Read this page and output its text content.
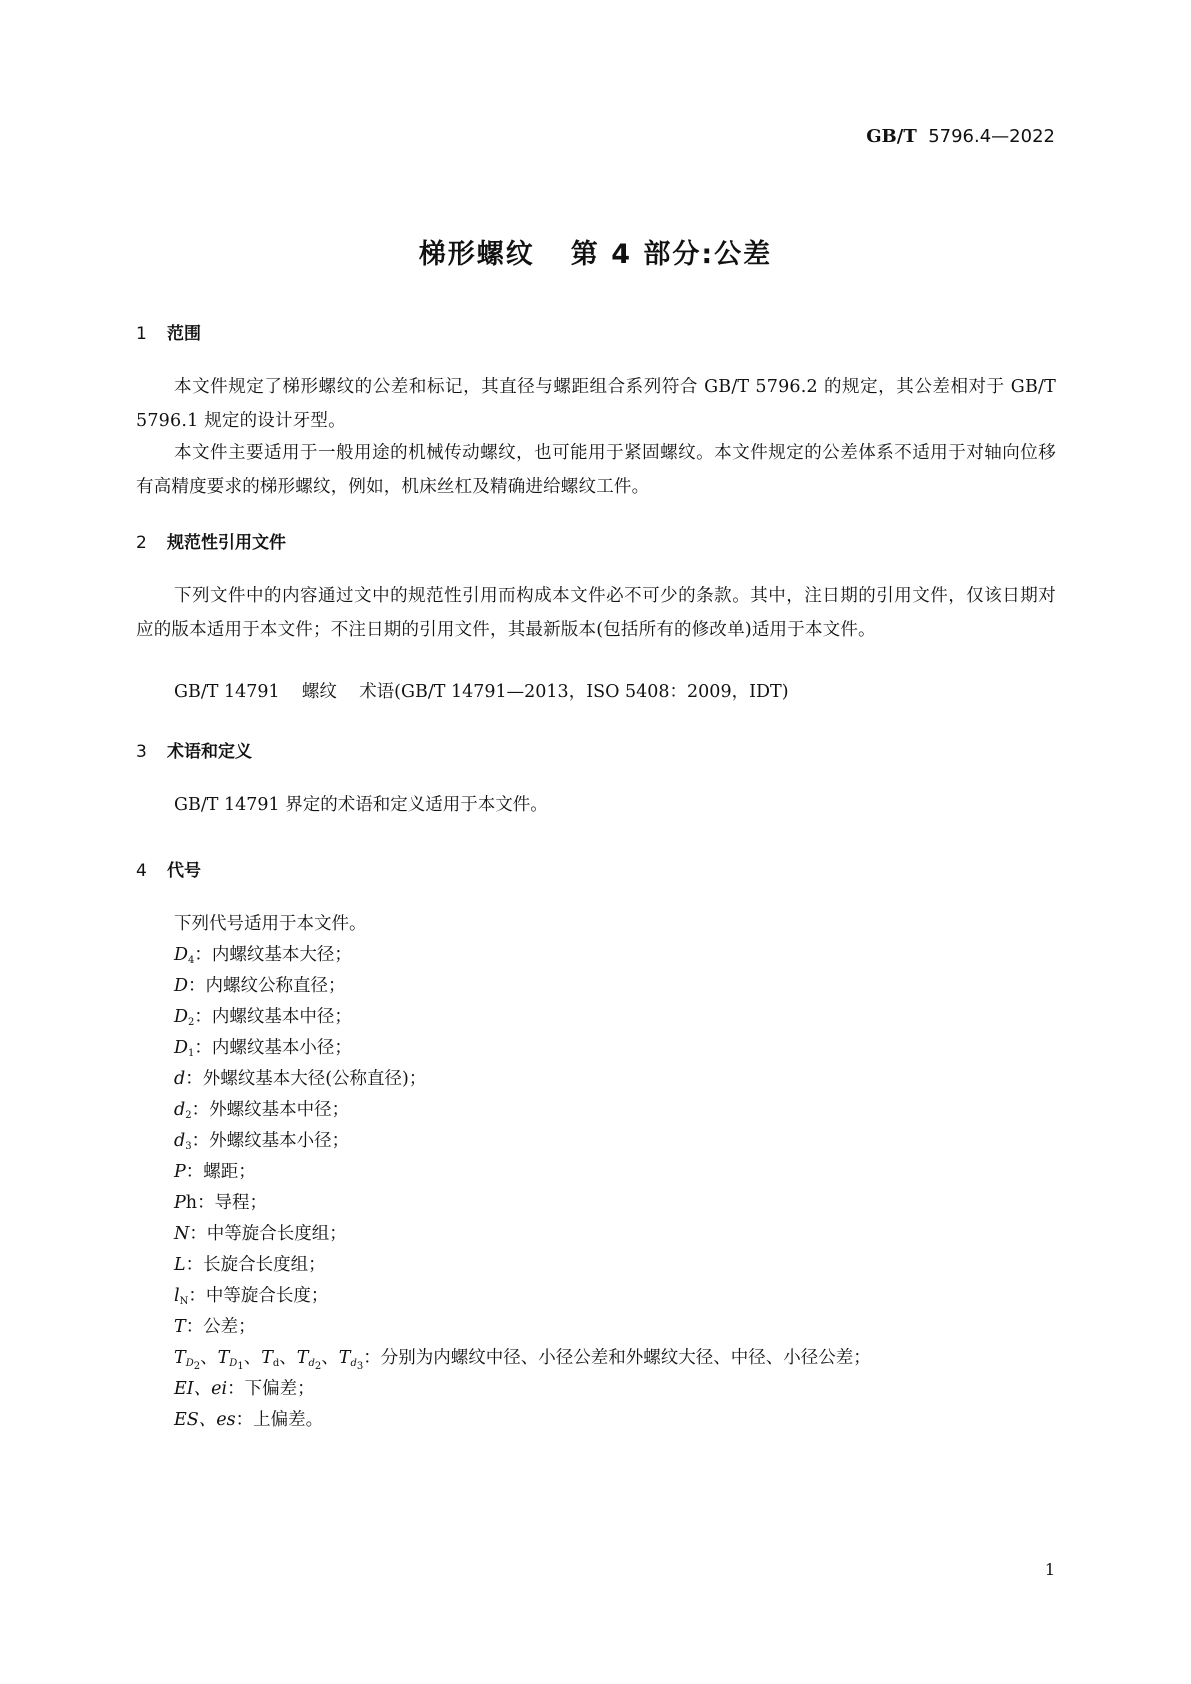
GB/T 5796.4—2022
梯形螺纹 第 4 部分:公差
1 范围
本文件规定了梯形螺纹的公差和标记，其直径与螺距组合系列符合 GB/T 5796.2 的规定，其公差相对于 GB/T 5796.1 规定的设计牙型。
本文件主要适用于一般用途的机械传动螺纹，也可能用于紧固螺纹。本文件规定的公差体系不适用于对轴向位移有高精度要求的梯形螺纹，例如，机床丝杠及精确进给螺纹工件。
2 规范性引用文件
下列文件中的内容通过文中的规范性引用而构成本文件必不可少的条款。其中，注日期的引用文件，仅该日期对应的版本适用于本文件；不注日期的引用文件，其最新版本(包括所有的修改单)适用于本文件。
GB/T 14791 螺纹 术语(GB/T 14791—2013，ISO 5408：2009，IDT)
3 术语和定义
GB/T 14791 界定的术语和定义适用于本文件。
4 代号
下列代号适用于本文件。
$D_4$：内螺纹基本大径；
D：内螺纹公称直径；
$D_2$：内螺纹基本中径；
$D_1$：内螺纹基本小径；
d：外螺纹基本大径(公称直径)；
$d_2$：外螺纹基本中径；
$d_3$：外螺纹基本小径；
P：螺距；
Ph：导程；
N：中等旋合长度组；
L：长旋合长度组；
$l_N$：中等旋合长度；
T：公差；
$T_{D_2}$、$T_{D_1}$、$T_d$、$T_{d_2}$、$T_{d_3}$：分别为内螺纹中径、小径公差和外螺纹大径、中径、小径公差；
EI、ei：下偏差；
ES、es：上偏差。
1
